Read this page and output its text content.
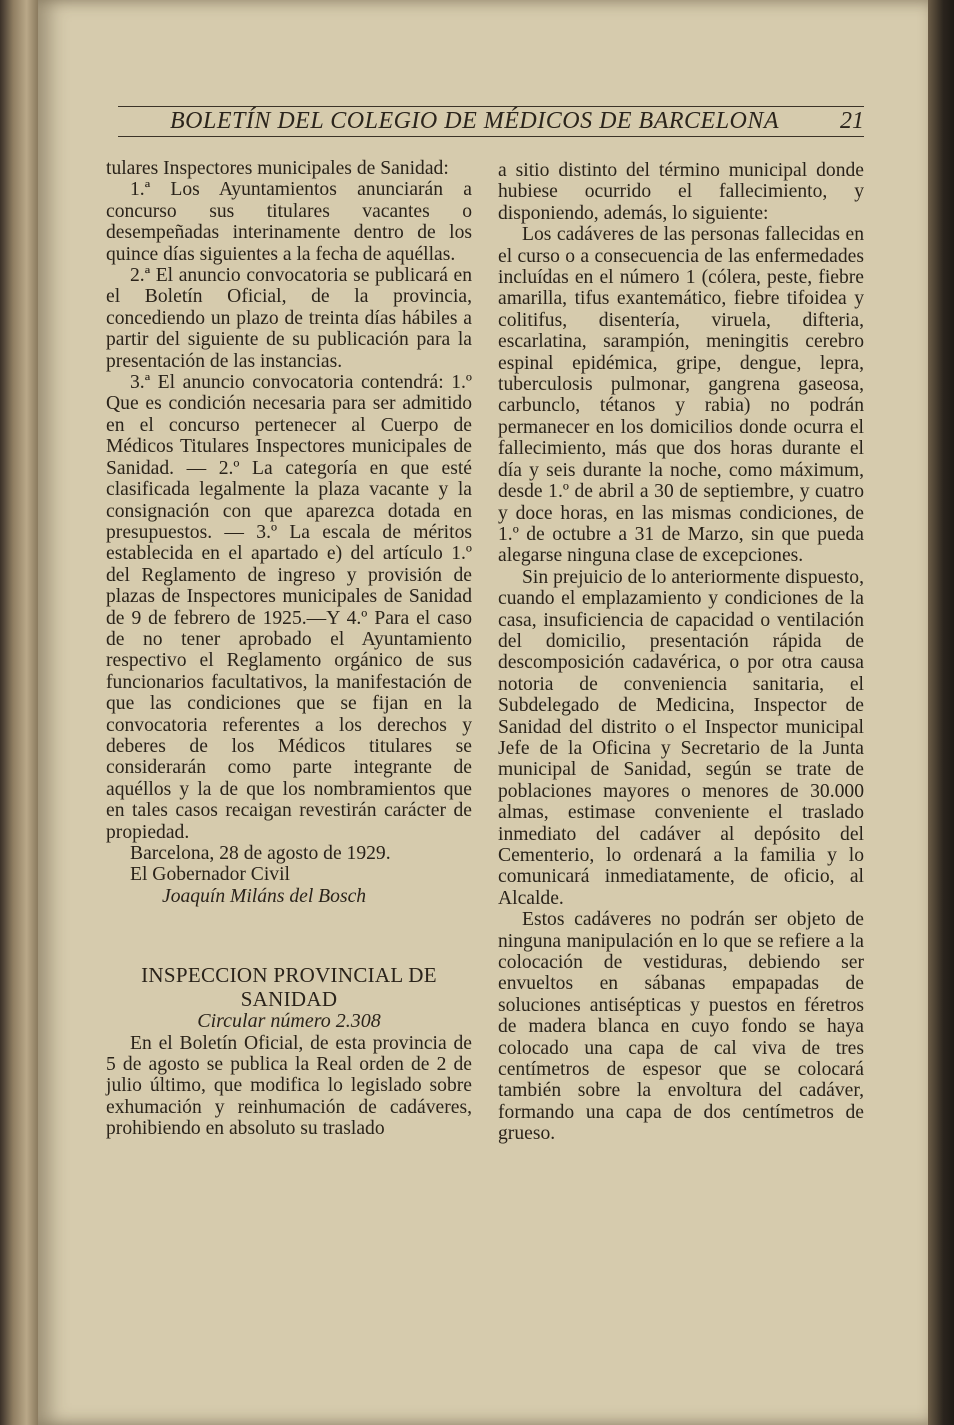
BOLETÍN DEL COLEGIO DE MÉDICOS DE BARCELONA	21

tulares Inspectores municipales de Sanidad:

1.ª Los Ayuntamientos anunciarán a concurso sus titulares vacantes o desempeñadas interinamente dentro de los quince días siguientes a la fecha de aquéllas.

2.ª El anuncio convocatoria se publicará en el Boletín Oficial, de la provincia, concediendo un plazo de treinta días hábiles a partir del siguiente de su publicación para la presentación de las instancias.

3.ª El anuncio convocatoria contendrá: 1.º Que es condición necesaria para ser admitido en el concurso pertenecer al Cuerpo de Médicos Titulares Inspectores municipales de Sanidad. — 2.º La categoría en que esté clasificada legalmente la plaza vacante y la consignación con que aparezca dotada en presupuestos. — 3.º La escala de méritos establecida en el apartado e) del artículo 1.º del Reglamento de ingreso y provisión de plazas de Inspectores municipales de Sanidad de 9 de febrero de 1925.—Y 4.º Para el caso de no tener aprobado el Ayuntamiento respectivo el Reglamento orgánico de sus funcionarios facultativos, la manifestación de que las condiciones que se fijan en la convocatoria referentes a los derechos y deberes de los Médicos titulares se considerarán como parte integrante de aquéllos y la de que los nombramientos que en tales casos recaigan revestirán carácter de propiedad.

Barcelona, 28 de agosto de 1929.

El Gobernador Civil

Joaquín Miláns del Bosch

INSPECCION PROVINCIAL DE SANIDAD

Circular número 2.308

En el Boletín Oficial, de esta provincia de 5 de agosto se publica la Real orden de 2 de julio último, que modifica lo legislado sobre exhumación y reinhumación de cadáveres, prohibiendo en absoluto su traslado

a sitio distinto del término municipal donde hubiese ocurrido el fallecimiento, y disponiendo, además, lo siguiente:

Los cadáveres de las personas fallecidas en el curso o a consecuencia de las enfermedades incluídas en el número 1 (cólera, peste, fiebre amarilla, tifus exantemático, fiebre tifoidea y colitifus, disentería, viruela, difteria, escarlatina, sarampión, meningitis cerebro espinal epidémica, gripe, dengue, lepra, tuberculosis pulmonar, gangrena gaseosa, carbunclo, tétanos y rabia) no podrán permanecer en los domicilios donde ocurra el fallecimiento, más que dos horas durante el día y seis durante la noche, como máximum, desde 1.º de abril a 30 de septiembre, y cuatro y doce horas, en las mismas condiciones, de 1.º de octubre a 31 de Marzo, sin que pueda alegarse ninguna clase de excepciones.

Sin prejuicio de lo anteriormente dispuesto, cuando el emplazamiento y condiciones de la casa, insuficiencia de capacidad o ventilación del domicilio, presentación rápida de descomposición cadavérica, o por otra causa notoria de conveniencia sanitaria, el Subdelegado de Medicina, Inspector de Sanidad del distrito o el Inspector municipal Jefe de la Oficina y Secretario de la Junta municipal de Sanidad, según se trate de poblaciones mayores o menores de 30.000 almas, estimase conveniente el traslado inmediato del cadáver al depósito del Cementerio, lo ordenará a la familia y lo comunicará inmediatamente, de oficio, al Alcalde.

Estos cadáveres no podrán ser objeto de ninguna manipulación en lo que se refiere a la colocación de vestiduras, debiendo ser envueltos en sábanas empapadas de soluciones antisépticas y puestos en féretros de madera blanca en cuyo fondo se haya colocado una capa de cal viva de tres centímetros de espesor que se colocará también sobre la envoltura del cadáver, formando una capa de dos centímetros de grueso.
